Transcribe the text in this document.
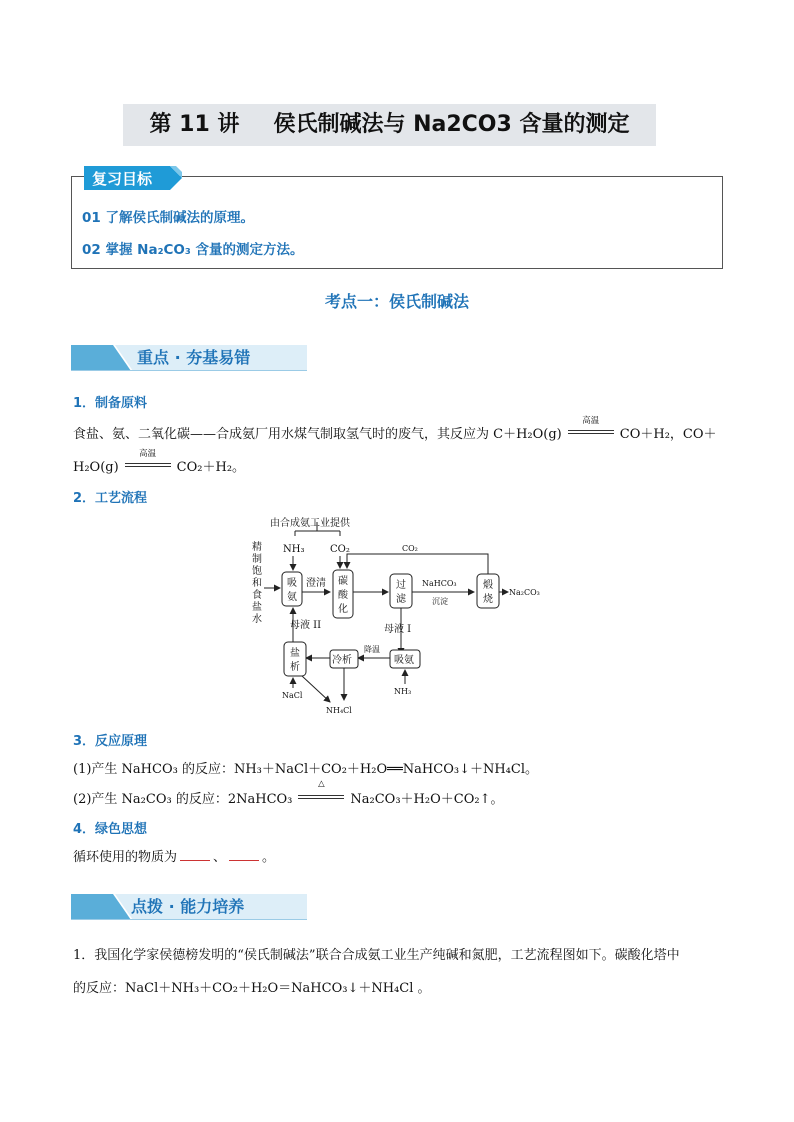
第 11 讲 侯氏制碱法与 Na2CO3 含量的测定
复习目标
01 了解侯氏制碱法的原理。
02 掌握 Na₂CO₃ 含量的测定方法。
考点一：侯氏制碱法
重点 · 夯基易错
1．制备原料
食盐、氨、二氧化碳——合成氨厂用水煤气制取氢气时的废气，其反应为 C＋H₂O(g)
高温
CO＋H₂，CO＋
H₂O(g)
高温
CO₂＋H₂。
2．工艺流程
由合成氨工业提供
NH₃	CO₂
精
制
饱
和
食
盐
水
吸
氨
澄清 碳
酸
化
CO₂
过
滤
NaHCO₃
沉淀
煅
烧
Na₂CO₃
母液 I
吸氨
NH₃
降温
冷析
盐
析
母液 II
NaCl
NH₄Cl
3．反应原理
(1)产生 NaHCO₃ 的反应：NH₃＋NaCl＋CO₂＋H₂O══NaHCO₃↓＋NH₄Cl。
(2)产生 Na₂CO₃ 的反应：2NaHCO₃
△
Na₂CO₃＋H₂O＋CO₂↑。
4．绿色思想
循环使用的物质为	、	。
点拨 · 能力培养
1．我国化学家侯德榜发明的“侯氏制碱法”联合合成氨工业生产纯碱和氮肥，工艺流程图如下。碳酸化塔中
的反应：NaCl＋NH₃＋CO₂＋H₂O＝NaHCO₃↓＋NH₄Cl 。
